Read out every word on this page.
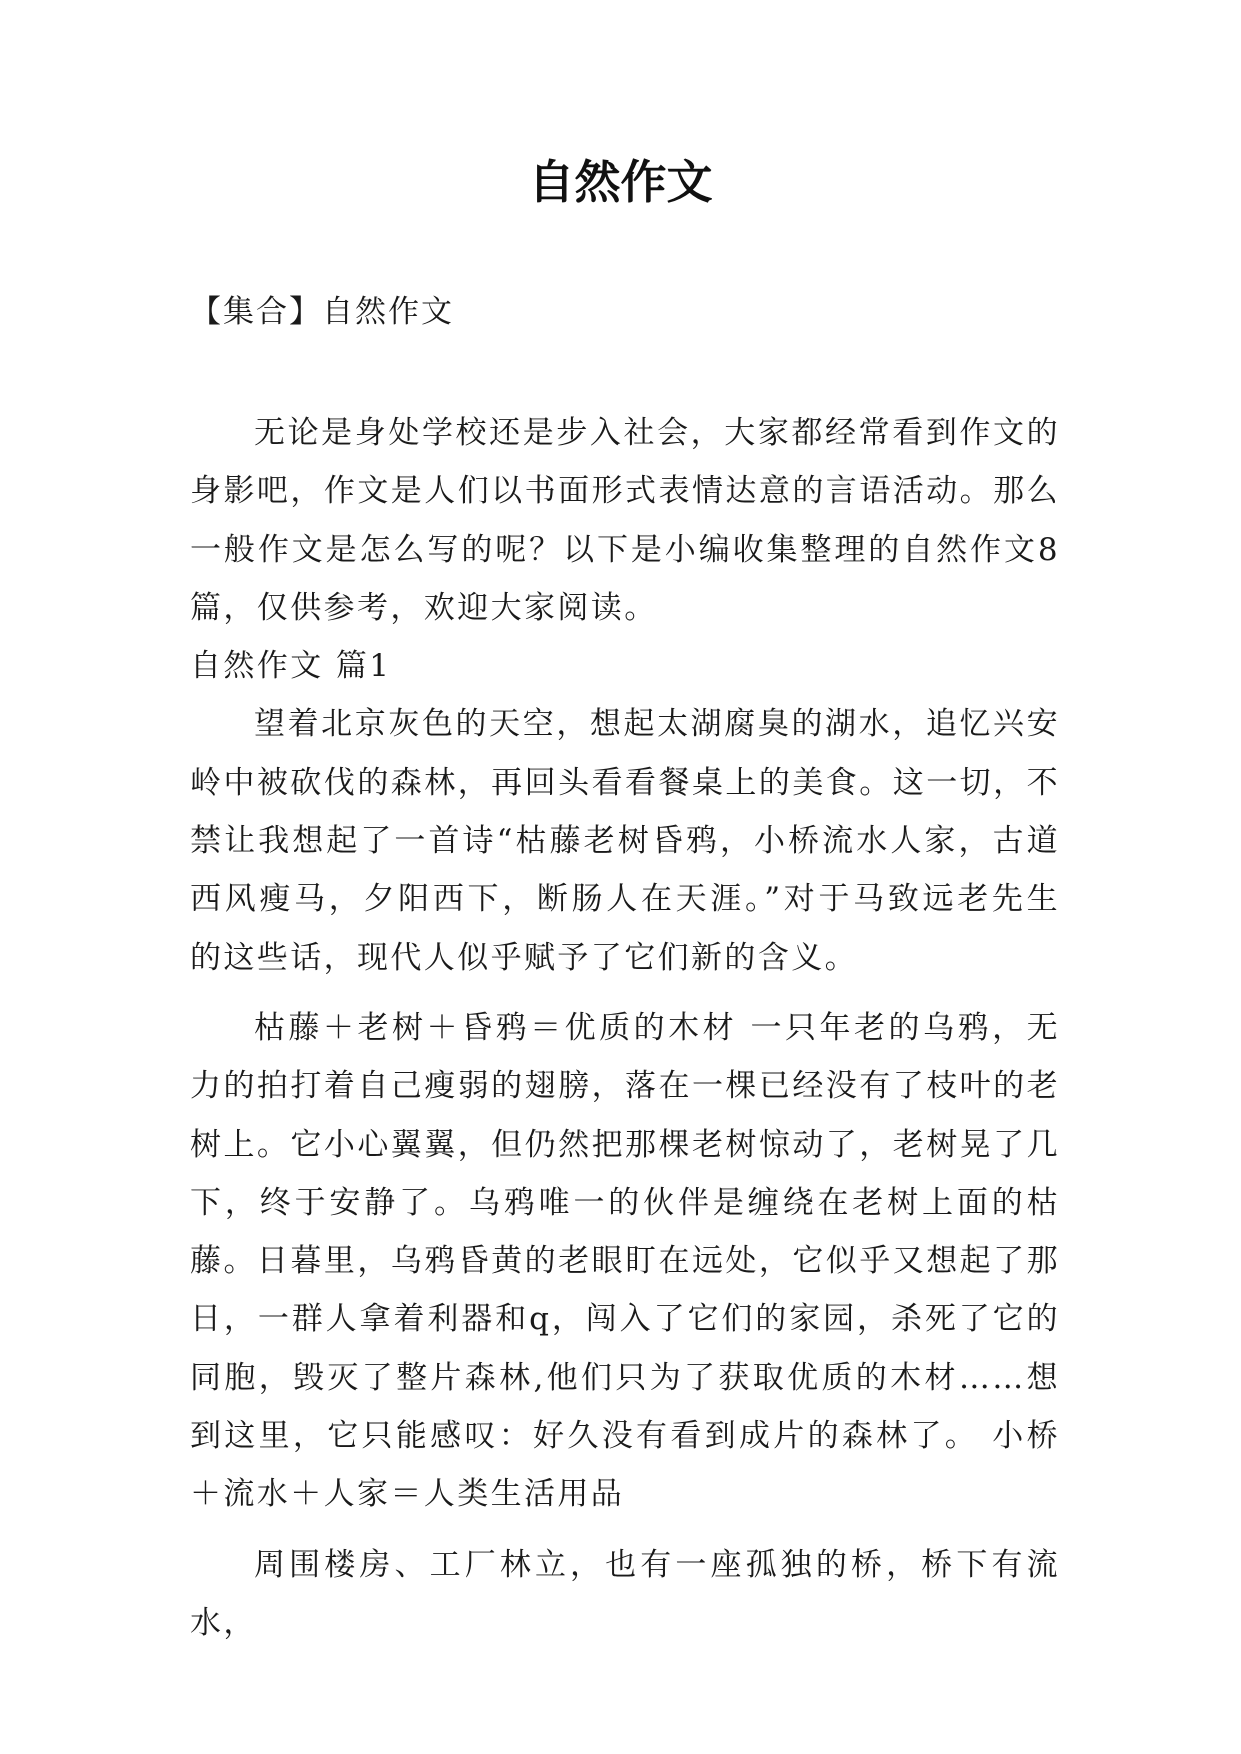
自然作文

【集合】自然作文

无论是身处学校还是步入社会，大家都经常看到作文的身影吧，作文是人们以书面形式表情达意的言语活动。那么一般作文是怎么写的呢？以下是小编收集整理的自然作文8篇，仅供参考，欢迎大家阅读。

自然作文 篇1

望着北京灰色的天空，想起太湖腐臭的湖水，追忆兴安岭中被砍伐的森林，再回头看看餐桌上的美食。这一切，不禁让我想起了一首诗“枯藤老树昏鸦，小桥流水人家，古道西风瘦马，夕阳西下，断肠人在天涯。”对于马致远老先生的这些话，现代人似乎赋予了它们新的含义。

枯藤＋老树＋昏鸦＝优质的木材 一只年老的乌鸦，无力的拍打着自己瘦弱的翅膀，落在一棵已经没有了枝叶的老树上。它小心翼翼，但仍然把那棵老树惊动了，老树晃了几下，终于安静了。乌鸦唯一的伙伴是缠绕在老树上面的枯藤。日暮里，乌鸦昏黄的老眼盯在远处，它似乎又想起了那日，一群人拿着利器和q，闯入了它们的家园，杀死了它的同胞，毁灭了整片森林,他们只为了获取优质的木材……想到这里，它只能感叹：好久没有看到成片的森林了。 小桥＋流水＋人家＝人类生活用品

周围楼房、工厂林立，也有一座孤独的桥，桥下有流水，
